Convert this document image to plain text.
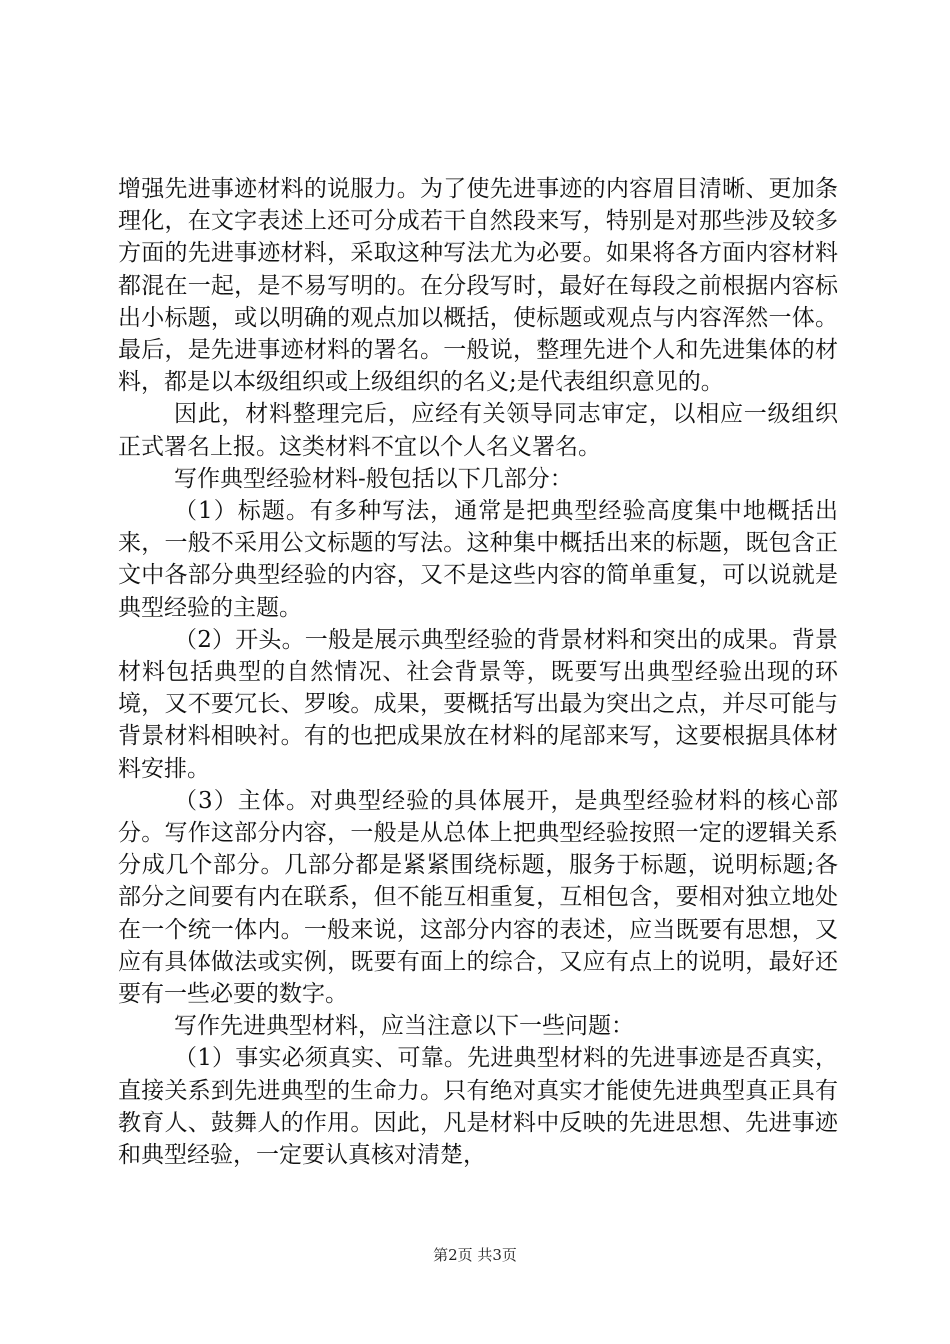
增强先进事迹材料的说服力。为了使先进事迹的内容眉目清晰、更加条理化，在文字表述上还可分成若干自然段来写，特别是对那些涉及较多方面的先进事迹材料，采取这种写法尤为必要。如果将各方面内容材料都混在一起，是不易写明的。在分段写时，最好在每段之前根据内容标出小标题，或以明确的观点加以概括，使标题或观点与内容浑然一体。最后，是先进事迹材料的署名。一般说，整理先进个人和先进集体的材料，都是以本级组织或上级组织的名义;是代表组织意见的。

因此，材料整理完后，应经有关领导同志审定，以相应一级组织正式署名上报。这类材料不宜以个人名义署名。

写作典型经验材料-般包括以下几部分：

（1）标题。有多种写法，通常是把典型经验高度集中地概括出来，一般不采用公文标题的写法。这种集中概括出来的标题，既包含正文中各部分典型经验的内容，又不是这些内容的简单重复，可以说就是典型经验的主题。

（2）开头。一般是展示典型经验的背景材料和突出的成果。背景材料包括典型的自然情况、社会背景等，既要写出典型经验出现的环境，又不要冗长、罗唆。成果，要概括写出最为突出之点，并尽可能与背景材料相映衬。有的也把成果放在材料的尾部来写，这要根据具体材料安排。

（3）主体。对典型经验的具体展开，是典型经验材料的核心部分。写作这部分内容，一般是从总体上把典型经验按照一定的逻辑关系分成几个部分。几部分都是紧紧围绕标题，服务于标题，说明标题;各部分之间要有内在联系，但不能互相重复，互相包含，要相对独立地处在一个统一体内。一般来说，这部分内容的表述，应当既要有思想，又应有具体做法或实例，既要有面上的综合，又应有点上的说明，最好还要有一些必要的数字。

写作先进典型材料，应当注意以下一些问题：

（1）事实必须真实、可靠。先进典型材料的先进事迹是否真实，直接关系到先进典型的生命力。只有绝对真实才能使先进典型真正具有教育人、鼓舞人的作用。因此，凡是材料中反映的先进思想、先进事迹和典型经验，一定要认真核对清楚，

第2页 共3页
